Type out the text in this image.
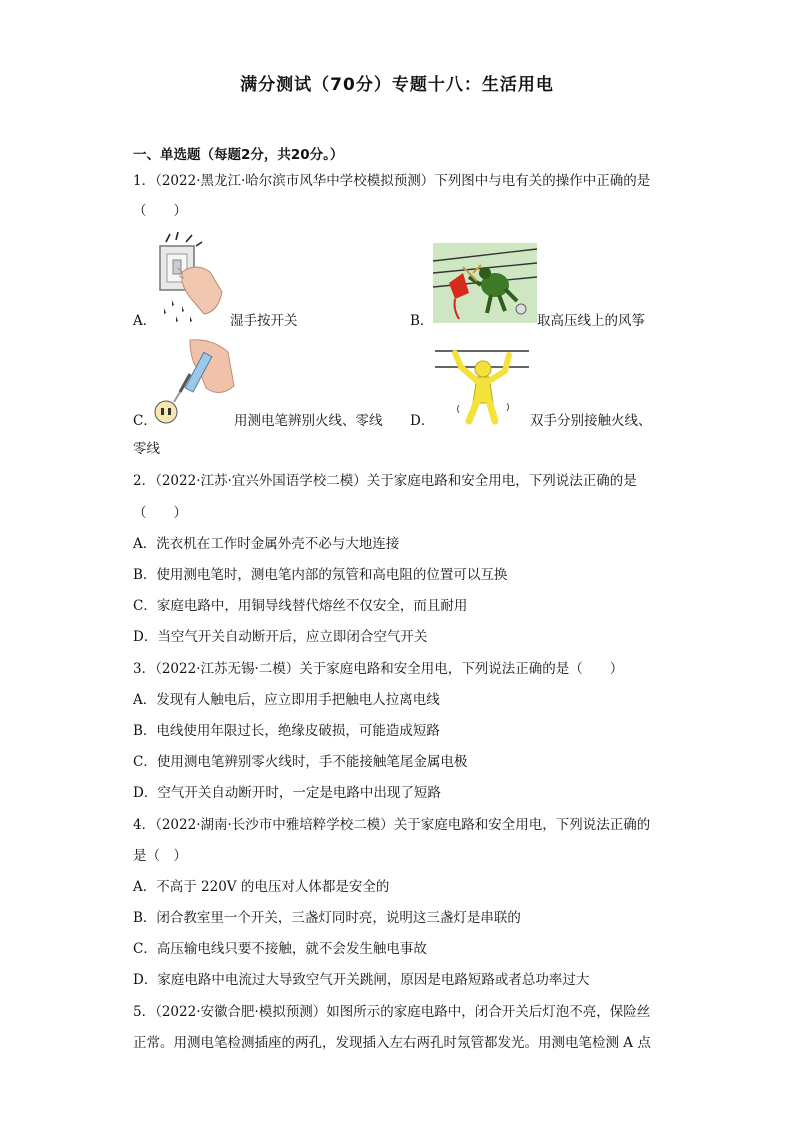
满分测试（70分）专题十八：生活用电
一、单选题（每题2分，共20分。）
1．（2022·黑龙江·哈尔滨市风华中学校模拟预测）下列图中与电有关的操作中正确的是
（　　）
A．	湿手按开关	B．	取高压线上的风筝
C．	用测电笔辨别火线、零线 D．	双手分别接触火线、
零线
2．（2022·江苏·宜兴外国语学校二模）关于家庭电路和安全用电，下列说法正确的是
（　　）
A．洗衣机在工作时金属外壳不必与大地连接
B．使用测电笔时，测电笔内部的氖管和高电阻的位置可以互换
C．家庭电路中，用铜导线替代熔丝不仅安全，而且耐用
D．当空气开关自动断开后，应立即闭合空气开关
3．（2022·江苏无锡·二模）关于家庭电路和安全用电，下列说法正确的是（　　）
A．发现有人触电后，应立即用手把触电人拉离电线
B．电线使用年限过长，绝缘皮破损，可能造成短路
C．使用测电笔辨别零火线时，手不能接触笔尾金属电极
D．空气开关自动断开时，一定是电路中出现了短路
4．（2022·湖南·长沙市中雅培粹学校二模）关于家庭电路和安全用电，下列说法正确的
是（　）
A．不高于 220V 的电压对人体都是安全的
B．闭合教室里一个开关，三盏灯同时亮，说明这三盏灯是串联的
C．高压输电线只要不接触，就不会发生触电事故
D．家庭电路中电流过大导致空气开关跳闸，原因是电路短路或者总功率过大
5．（2022·安徽合肥·模拟预测）如图所示的家庭电路中，闭合开关后灯泡不亮，保险丝
正常。用测电笔检测插座的两孔，发现插入左右两孔时氖管都发光。用测电笔检测 A 点
